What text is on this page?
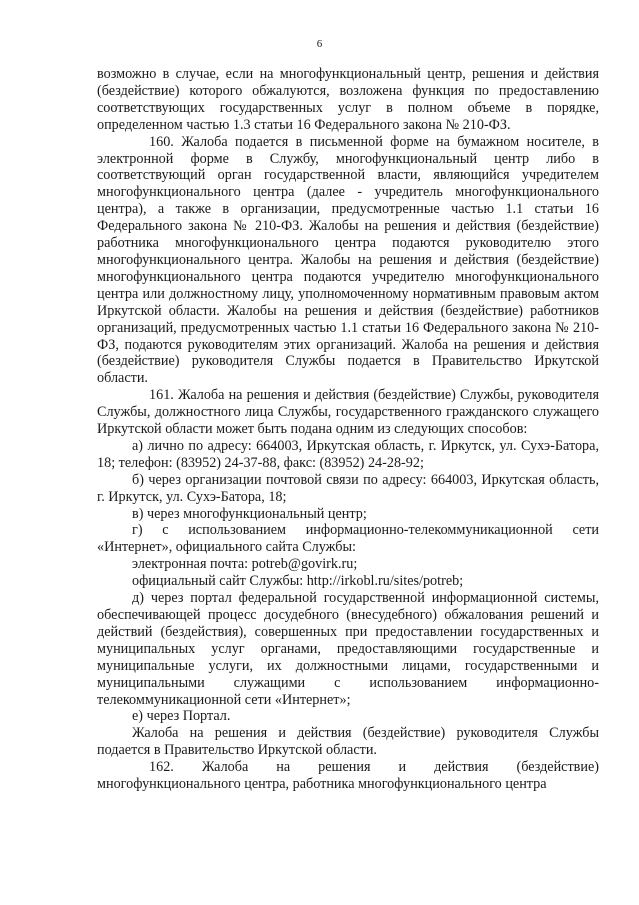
6

возможно в случае, если на многофункциональный центр, решения и действия (бездействие) которого обжалуются, возложена функция по предоставлению соответствующих государственных услуг в полном объеме в порядке, определенном частью 1.3 статьи 16 Федерального закона № 210-ФЗ.

160. Жалоба подается в письменной форме на бумажном носителе, в электронной форме в Службу, многофункциональный центр либо в соответствующий орган государственной власти, являющийся учредителем многофункционального центра (далее - учредитель многофункционального центра), а также в организации, предусмотренные частью 1.1 статьи 16 Федерального закона № 210-ФЗ. Жалобы на решения и действия (бездействие) работника многофункционального центра подаются руководителю этого многофункционального центра. Жалобы на решения и действия (бездействие) многофункционального центра подаются учредителю многофункционального центра или должностному лицу, уполномоченному нормативным правовым актом Иркутской области. Жалобы на решения и действия (бездействие) работников организаций, предусмотренных частью 1.1 статьи 16 Федерального закона № 210-ФЗ, подаются руководителям этих организаций. Жалоба на решения и действия (бездействие) руководителя Службы подается в Правительство Иркутской области.

161. Жалоба на решения и действия (бездействие) Службы, руководителя Службы, должностного лица Службы, государственного гражданского служащего Иркутской области может быть подана одним из следующих способов:

а) лично по адресу: 664003, Иркутская область, г. Иркутск, ул. Сухэ-Батора, 18; телефон: (83952) 24-37-88, факс: (83952) 24-28-92;

б) через организации почтовой связи по адресу: 664003, Иркутская область, г. Иркутск, ул. Сухэ-Батора, 18;

в) через многофункциональный центр;

г) с использованием информационно-телекоммуникационной сети «Интернет», официального сайта Службы:

электронная почта: potreb@govirk.ru;

официальный сайт Службы: http://irkobl.ru/sites/potreb;

д) через портал федеральной государственной информационной системы, обеспечивающей процесс досудебного (внесудебного) обжалования решений и действий (бездействия), совершенных при предоставлении государственных и муниципальных услуг органами, предоставляющими государственные и муниципальные услуги, их должностными лицами, государственными и муниципальными служащими с использованием информационно-телекоммуникационной сети «Интернет»;

е) через Портал.

Жалоба на решения и действия (бездействие) руководителя Службы подается в Правительство Иркутской области.

162. Жалоба на решения и действия (бездействие) многофункционального центра, работника многофункционального центра
